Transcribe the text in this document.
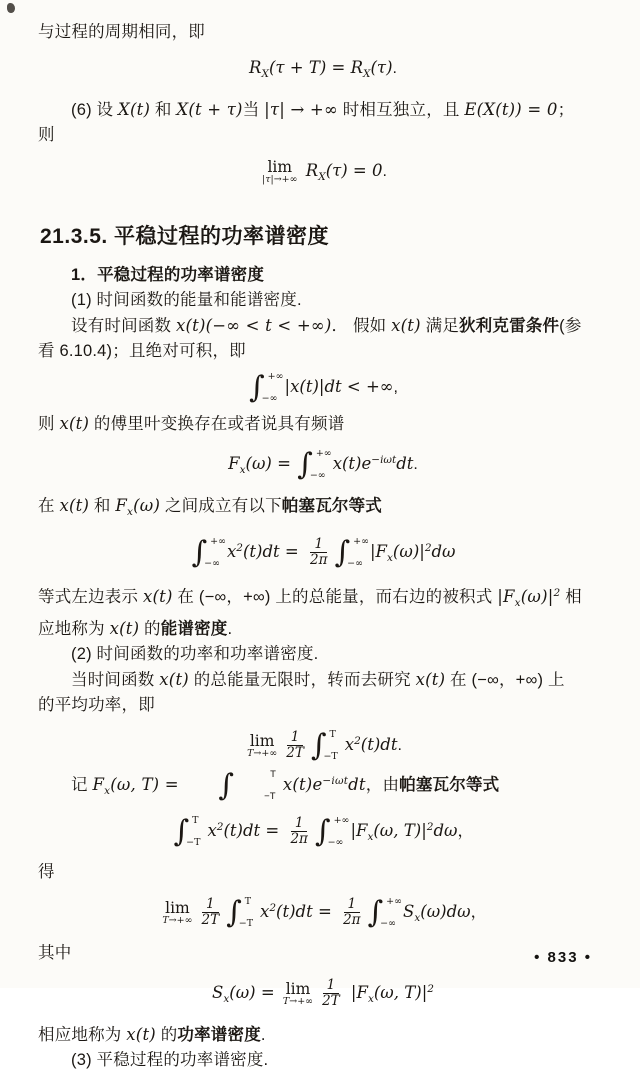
与过程的周期相同，即
$R_X(\tau + T) = R_X(\tau)$.
(6) 设 X(t) 和 X(t + τ)当 |τ| → +∞ 时相互独立，且 E(X(t)) = 0；
则
lim
|τ|→+∞ $R_X(\tau) = 0$.
21.3.5. 平稳过程的功率谱密度
1．平稳过程的功率谱密度
(1) 时间函数的能量和能谱密度.
设有时间函数 x(t)(−∞ < t < +∞)． 假如 x(t) 满足狄利克雷条件(参
看 6.10.4)；且绝对可积，即
∫ +∞
−∞
|x(t)|dt < +∞,
则 x(t) 的傅里叶变换存在或者说具有频谱
$F_x(\omega)$ = ∫ +∞
−∞
$x(t)e^{-i\omega t}dt$.
在 x(t) 和 $F_x(\omega)$ 之间成立有以下帕塞瓦尔等式
∫ +∞
−∞
$x^2(t)dt = \frac{1}{2\pi}$ ∫ +∞
−∞
$|F_x(\omega)|^2d\omega$
等式左边表示 x(t) 在 (−∞，+∞) 上的总能量，而右边的被积式 $|F_x(\omega)|^2$ 相
应地称为 x(t) 的能谱密度.
(2) 时间函数的功率和功率谱密度.
当时间函数 x(t) 的总能量无限时，转而去研究 x(t) 在 (−∞，+∞) 上
的平均功率，即
lim
$T\to+\infty \frac{1}{2T}$ ∫ T
−T
$x^2(t)dt$.
记 $F_x(\omega$, T) =	∫	T
−T
$x(t)e^{-i\omega t}dt$，由帕塞瓦尔等式
∫ T
−T
$x^2(t)dt = \frac{1}{2\pi}$ ∫ +∞
−∞
$|F_x(\omega$, $T)|^2d\omega$，
得
lim
$T\to+\infty \frac{1}{2T}$ ∫ T
−T
$x^2(t)dt = \frac{1}{2\pi}$ ∫ +∞
−∞
$S_x(\omega)d\omega$，
其中
$S_x(\omega) = \lim$
$T\to+\infty \frac{1}{2T} |F_x(\omega$, $T)|^2$
相应地称为 x(t) 的功率谱密度.
(3) 平稳过程的功率谱密度.
• 833 •
